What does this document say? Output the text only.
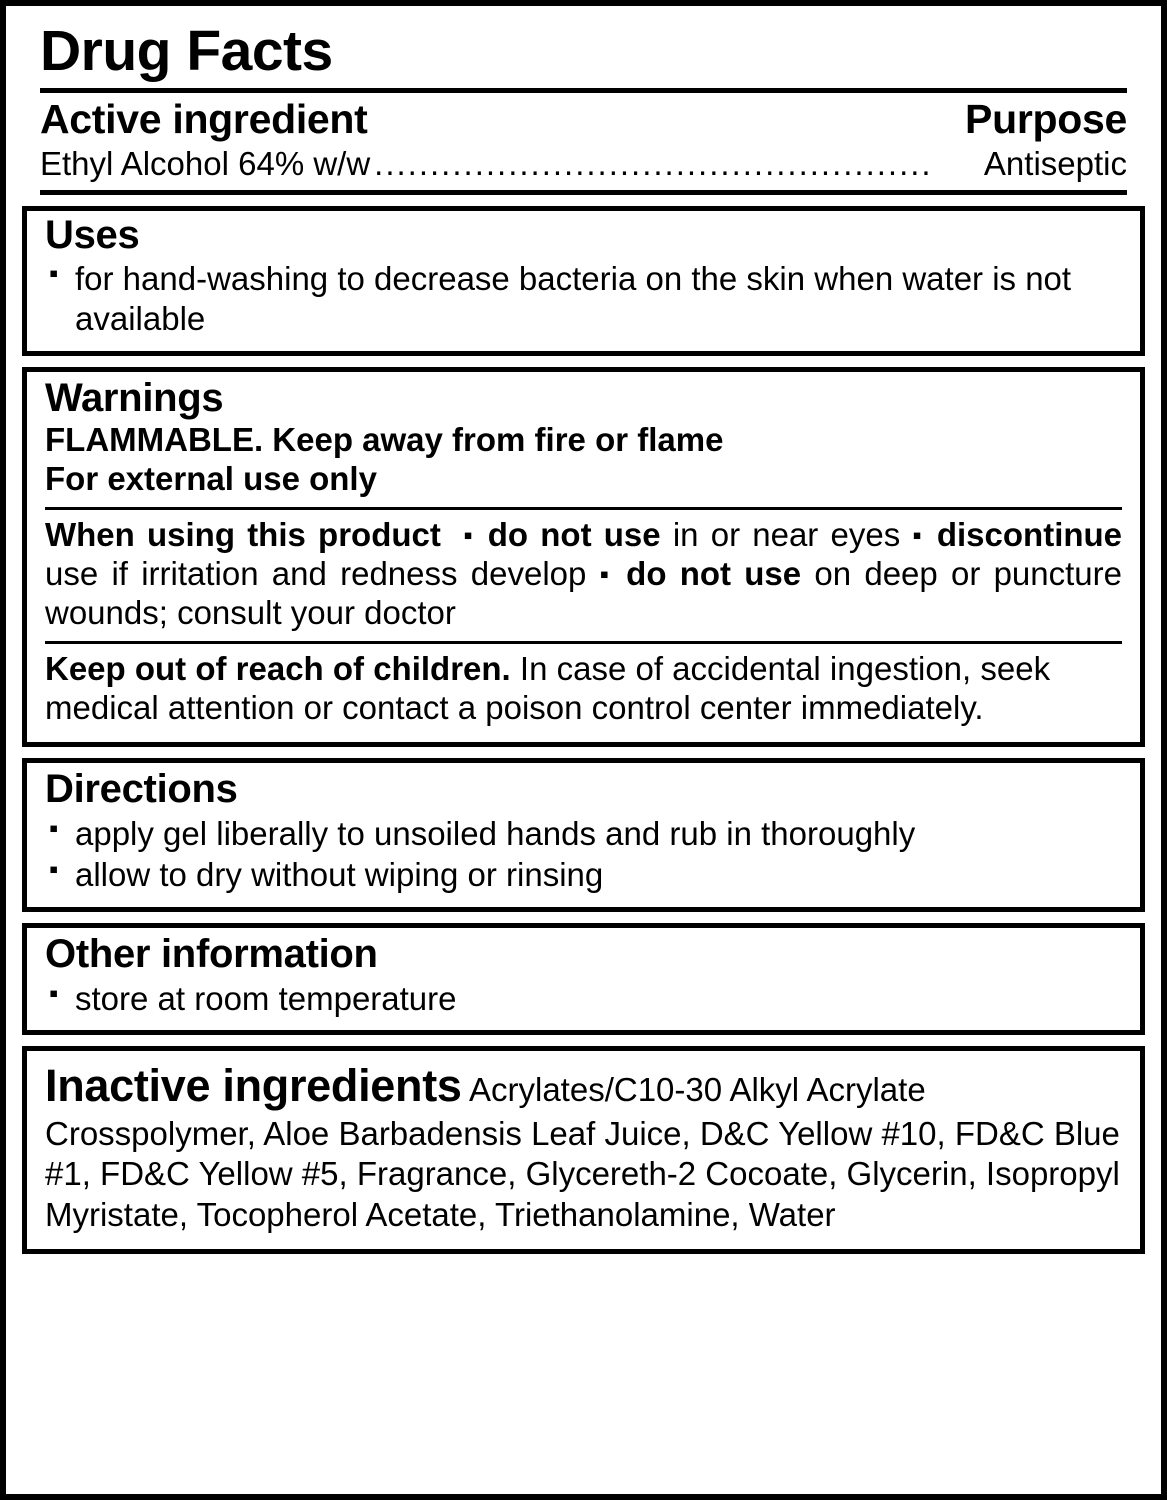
Drug Facts
Active ingredient	Purpose
Ethyl Alcohol 64% w/w ..................................................	Antiseptic
Uses
▪ for hand-washing to decrease bacteria on the skin when water is not available
Warnings
FLAMMABLE. Keep away from fire or flame
For external use only
When using this product  ▪ do not use in or near eyes ▪ discontinue use if irritation and redness develop ▪ do not use on deep or puncture wounds; consult your doctor
Keep out of reach of children. In case of accidental ingestion, seek medical attention or contact a poison control center immediately.
Directions
▪ apply gel liberally to unsoiled hands and rub in thoroughly
▪ allow to dry without wiping or rinsing
Other information
▪ store at room temperature
Inactive ingredients Acrylates/C10-30 Alkyl Acrylate Crosspolymer, Aloe Barbadensis Leaf Juice, D&C Yellow #10, FD&C Blue #1, FD&C Yellow #5, Fragrance, Glycereth-2 Cocoate, Glycerin, Isopropyl Myristate, Tocopherol Acetate, Triethanolamine, Water
